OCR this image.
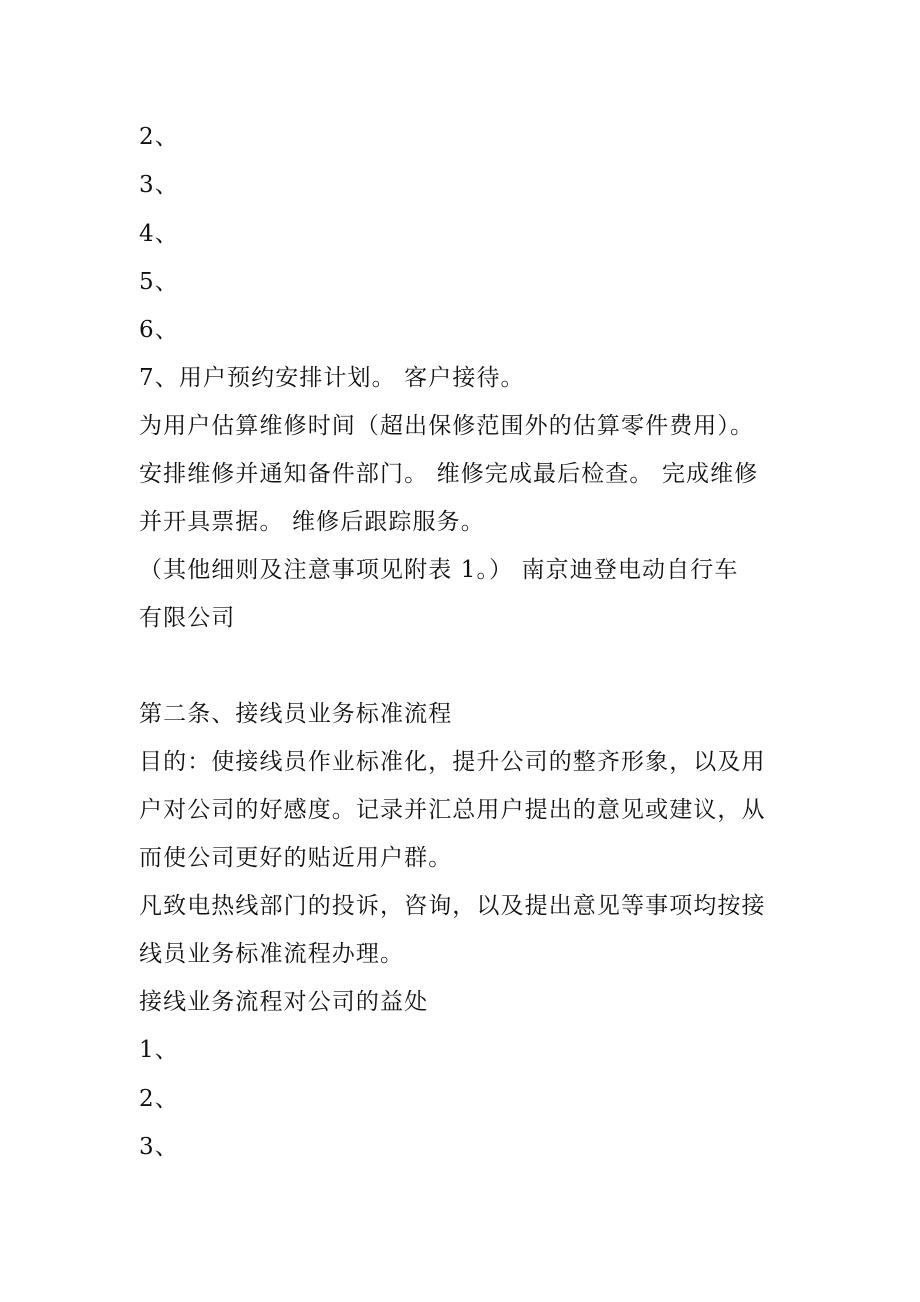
2、
3、
4、
5、
6、
7、用户预约安排计划。 客户接待。
为用户估算维修时间（超出保修范围外的估算零件费用）。
安排维修并通知备件部门。 维修完成最后检查。 完成维修
并开具票据。 维修后跟踪服务。
（其他细则及注意事项见附表 1。） 南京迪登电动自行车
有限公司
第二条、接线员业务标准流程
目的：使接线员作业标准化，提升公司的整齐形象，以及用
户对公司的好感度。记录并汇总用户提出的意见或建议，从
而使公司更好的贴近用户群。
凡致电热线部门的投诉，咨询，以及提出意见等事项均按接
线员业务标准流程办理。
接线业务流程对公司的益处
1、
2、
3、
